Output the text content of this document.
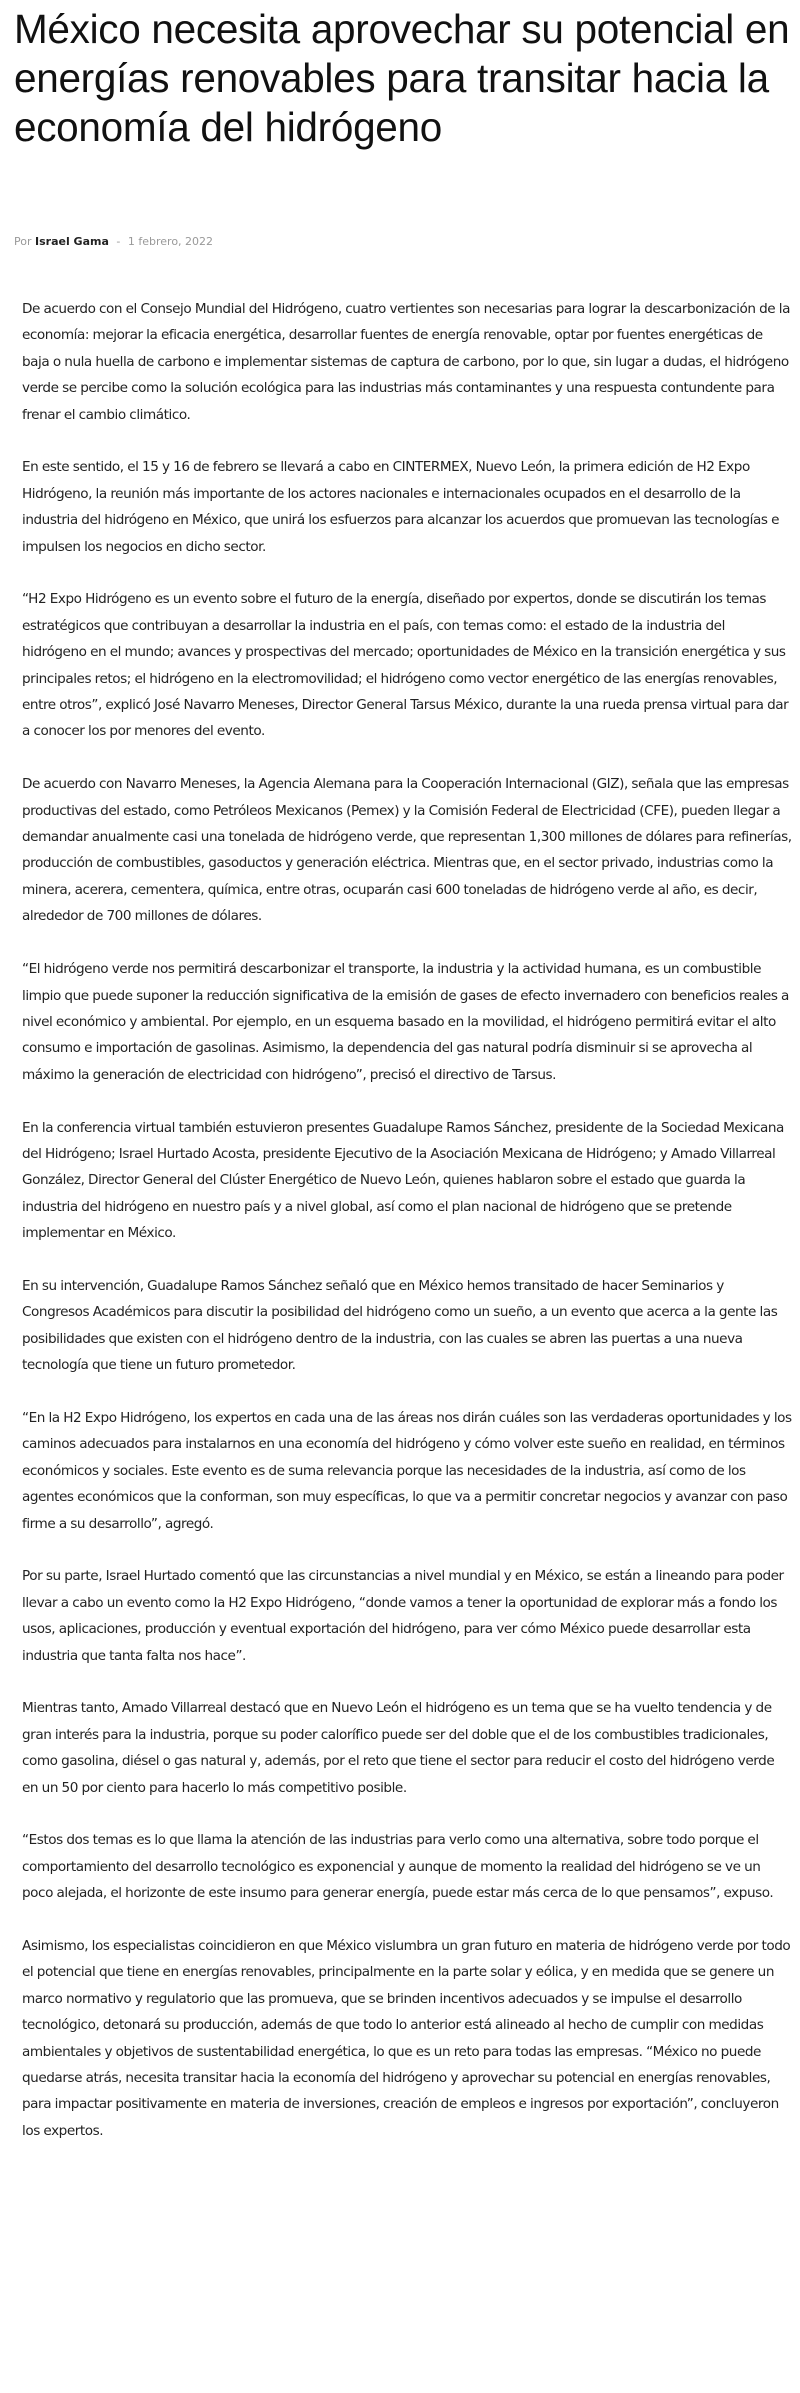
México necesita aprovechar su potencial en energías renovables para transitar hacia la economía del hidrógeno
Por Israel Gama - 1 febrero, 2022

De acuerdo con el Consejo Mundial del Hidrógeno, cuatro vertientes son necesarias para lograr la descarbonización de la economía: mejorar la eficacia energética, desarrollar fuentes de energía renovable, optar por fuentes energéticas de baja o nula huella de carbono e implementar sistemas de captura de carbono, por lo que, sin lugar a dudas, el hidrógeno verde se percibe como la solución ecológica para las industrias más contaminantes y una respuesta contundente para frenar el cambio climático.

En este sentido, el 15 y 16 de febrero se llevará a cabo en CINTERMEX, Nuevo León, la primera edición de H2 Expo Hidrógeno, la reunión más importante de los actores nacionales e internacionales ocupados en el desarrollo de la industria del hidrógeno en México, que unirá los esfuerzos para alcanzar los acuerdos que promuevan las tecnologías e impulsen los negocios en dicho sector.

“H2 Expo Hidrógeno es un evento sobre el futuro de la energía, diseñado por expertos, donde se discutirán los temas estratégicos que contribuyan a desarrollar la industria en el país, con temas como: el estado de la industria del hidrógeno en el mundo; avances y prospectivas del mercado; oportunidades de México en la transición energética y sus principales retos; el hidrógeno en la electromovilidad; el hidrógeno como vector energético de las energías renovables, entre otros”, explicó José Navarro Meneses, Director General Tarsus México, durante la una rueda prensa virtual para dar a conocer los por menores del evento.

De acuerdo con Navarro Meneses, la Agencia Alemana para la Cooperación Internacional (GIZ), señala que las empresas productivas del estado, como Petróleos Mexicanos (Pemex) y la Comisión Federal de Electricidad (CFE), pueden llegar a demandar anualmente casi una tonelada de hidrógeno verde, que representan 1,300 millones de dólares para refinerías, producción de combustibles, gasoductos y generación eléctrica. Mientras que, en el sector privado, industrias como la minera, acerera, cementera, química, entre otras, ocuparán casi 600 toneladas de hidrógeno verde al año, es decir, alrededor de 700 millones de dólares.

“El hidrógeno verde nos permitirá descarbonizar el transporte, la industria y la actividad humana, es un combustible limpio que puede suponer la reducción significativa de la emisión de gases de efecto invernadero con beneficios reales a nivel económico y ambiental. Por ejemplo, en un esquema basado en la movilidad, el hidrógeno permitirá evitar el alto consumo e importación de gasolinas. Asimismo, la dependencia del gas natural podría disminuir si se aprovecha al máximo la generación de electricidad con hidrógeno”, precisó el directivo de Tarsus.

En la conferencia virtual también estuvieron presentes Guadalupe Ramos Sánchez, presidente de la Sociedad Mexicana del Hidrógeno; Israel Hurtado Acosta, presidente Ejecutivo de la Asociación Mexicana de Hidrógeno; y Amado Villarreal González, Director General del Clúster Energético de Nuevo León, quienes hablaron sobre el estado que guarda la industria del hidrógeno en nuestro país y a nivel global, así como el plan nacional de hidrógeno que se pretende implementar en México.

En su intervención, Guadalupe Ramos Sánchez señaló que en México hemos transitado de hacer Seminarios y Congresos Académicos para discutir la posibilidad del hidrógeno como un sueño, a un evento que acerca a la gente las posibilidades que existen con el hidrógeno dentro de la industria, con las cuales se abren las puertas a una nueva tecnología que tiene un futuro prometedor.

“En la H2 Expo Hidrógeno, los expertos en cada una de las áreas nos dirán cuáles son las verdaderas oportunidades y los caminos adecuados para instalarnos en una economía del hidrógeno y cómo volver este sueño en realidad, en términos económicos y sociales. Este evento es de suma relevancia porque las necesidades de la industria, así como de los agentes económicos que la conforman, son muy específicas, lo que va a permitir concretar negocios y avanzar con paso firme a su desarrollo”, agregó.

Por su parte, Israel Hurtado comentó que las circunstancias a nivel mundial y en México, se están a lineando para poder llevar a cabo un evento como la H2 Expo Hidrógeno, “donde vamos a tener la oportunidad de explorar más a fondo los usos, aplicaciones, producción y eventual exportación del hidrógeno, para ver cómo México puede desarrollar esta industria que tanta falta nos hace”.

Mientras tanto, Amado Villarreal destacó que en Nuevo León el hidrógeno es un tema que se ha vuelto tendencia y de gran interés para la industria, porque su poder calorífico puede ser del doble que el de los combustibles tradicionales, como gasolina, diésel o gas natural y, además, por el reto que tiene el sector para reducir el costo del hidrógeno verde en un 50 por ciento para hacerlo lo más competitivo posible.

“Estos dos temas es lo que llama la atención de las industrias para verlo como una alternativa, sobre todo porque el comportamiento del desarrollo tecnológico es exponencial y aunque de momento la realidad del hidrógeno se ve un poco alejada, el horizonte de este insumo para generar energía, puede estar más cerca de lo que pensamos”, expuso.

Asimismo, los especialistas coincidieron en que México vislumbra un gran futuro en materia de hidrógeno verde por todo el potencial que tiene en energías renovables, principalmente en la parte solar y eólica, y en medida que se genere un marco normativo y regulatorio que las promueva, que se brinden incentivos adecuados y se impulse el desarrollo tecnológico, detonará su producción, además de que todo lo anterior está alineado al hecho de cumplir con medidas ambientales y objetivos de sustentabilidad energética, lo que es un reto para todas las empresas. “México no puede quedarse atrás, necesita transitar hacia la economía del hidrógeno y aprovechar su potencial en energías renovables, para impactar positivamente en materia de inversiones, creación de empleos e ingresos por exportación”, concluyeron los expertos.
